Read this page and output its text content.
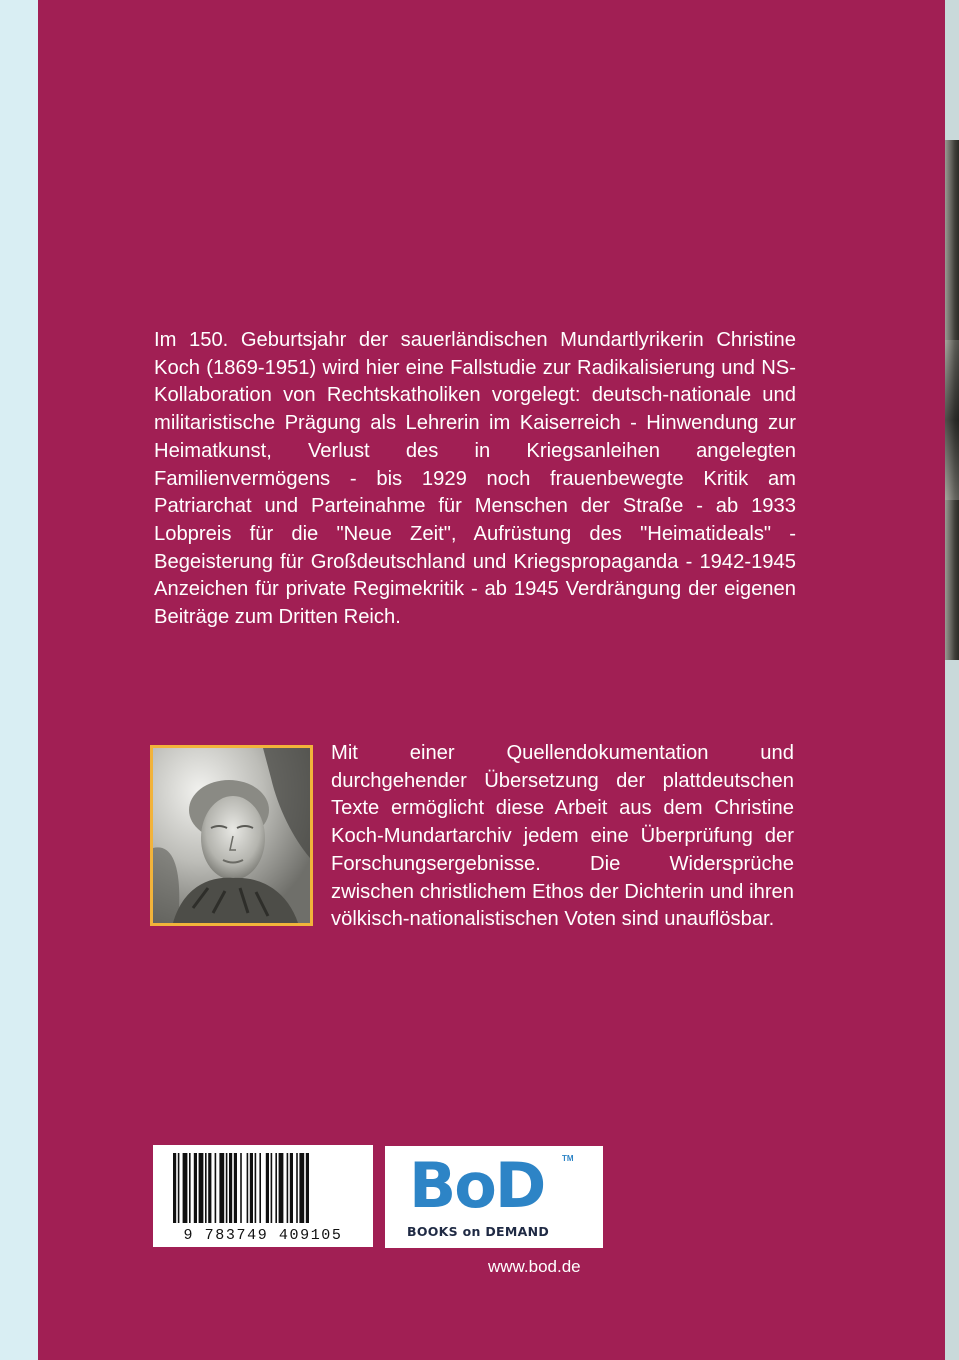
Im 150. Geburtsjahr der sauerländischen Mundartlyrikerin Christine Koch (1869-1951) wird hier eine Fallstudie zur Radikalisierung und NS-Kollaboration von Rechtskatholiken vorgelegt: deutsch-nationale und militaristische Prägung als Lehrerin im Kaiserreich - Hinwendung zur Heimatkunst, Verlust des in Kriegsanleihen angelegten Familienvermögens - bis 1929 noch frauenbewegte Kritik am Patriarchat und Parteinahme für Menschen der Straße - ab 1933 Lobpreis für die "Neue Zeit", Aufrüstung des "Heimatideals" - Begeisterung für Großdeutschland und Kriegspropaganda - 1942-1945 Anzeichen für private Regimekritik - ab 1945 Verdrängung der eigenen Beiträge zum Dritten Reich.

Mit einer Quellendokumentation und durchgehender Übersetzung der plattdeutschen Texte ermöglicht diese Arbeit aus dem Christine Koch-Mundartarchiv jedem eine Überprüfung der Forschungsergebnisse. Die Widersprüche zwischen christlichem Ethos der Dichterin und ihren völkisch-nationalistischen Voten sind unauflösbar.

9 783749 409105
BoD TM
BOOKS on DEMAND
www.bod.de
